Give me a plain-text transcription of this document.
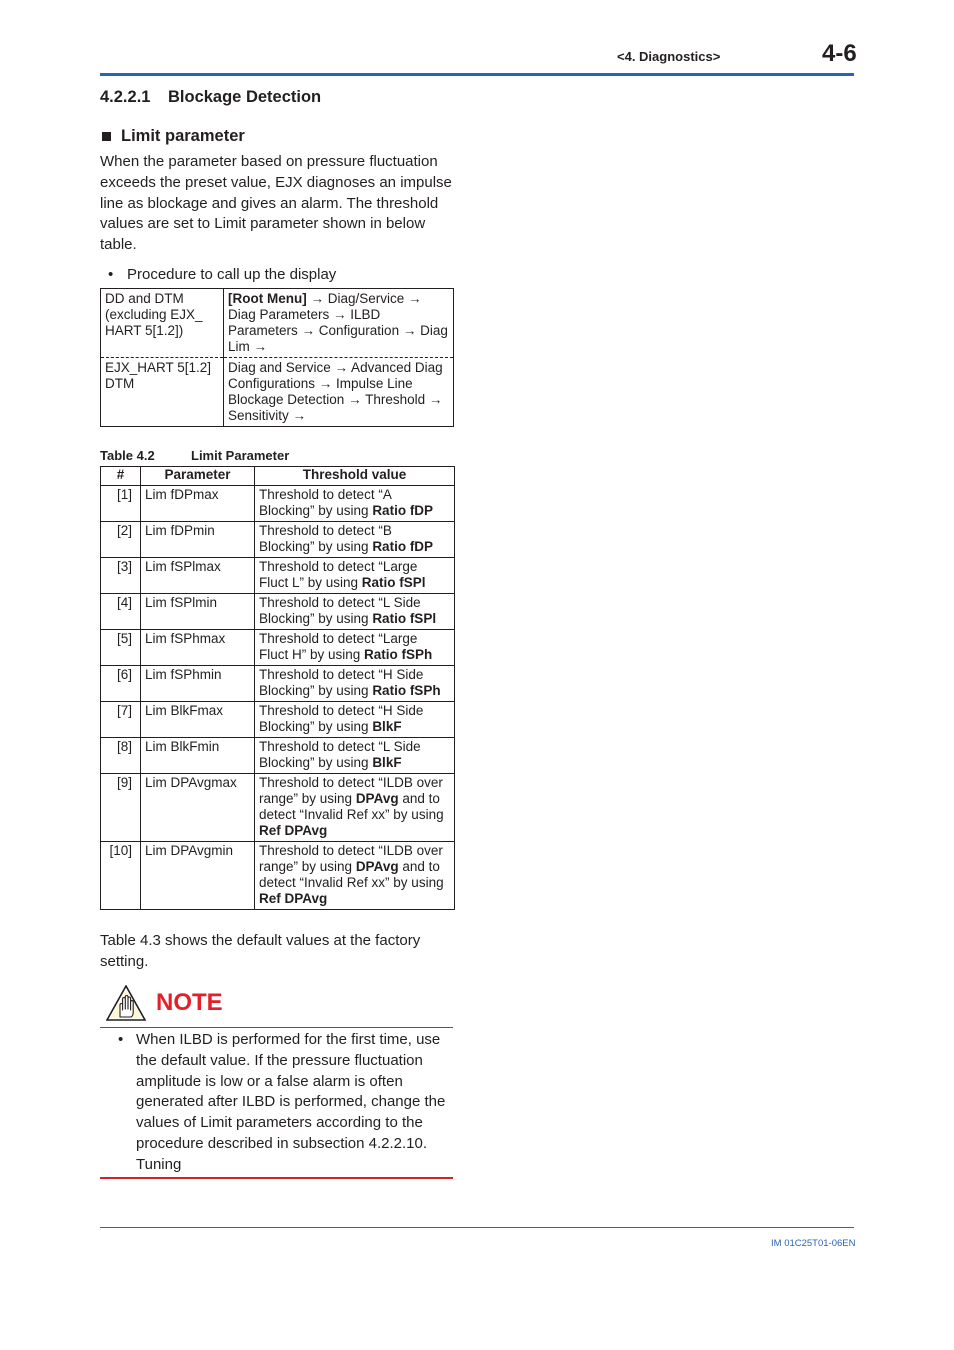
<4. Diagnostics>	4-6
4.2.2.1 Blockage Detection
Limit parameter
When the parameter based on pressure fluctuation exceeds the preset value, EJX diagnoses an impulse line as blockage and gives an alarm. The threshold values are set to Limit parameter shown in below table.
• Procedure to call up the display
DD and DTM (excluding EJX_ HART 5[1.2])	[Root Menu] → Diag/Service → Diag Parameters → ILBD Parameters → Configuration → Diag Lim →
EJX_HART 5[1.2] DTM	Diag and Service → Advanced Diag Configurations → Impulse Line Blockage Detection → Threshold → Sensitivity →
Table 4.2	Limit Parameter
#	Parameter	Threshold value
[1]	Lim fDPmax	Threshold to detect “A Blocking” by using Ratio fDP
[2]	Lim fDPmin	Threshold to detect “B Blocking” by using Ratio fDP
[3]	Lim fSPlmax	Threshold to detect “Large Fluct L” by using Ratio fSPl
[4]	Lim fSPlmin	Threshold to detect “L Side Blocking” by using Ratio fSPl
[5]	Lim fSPhmax	Threshold to detect “Large Fluct H” by using Ratio fSPh
[6]	Lim fSPhmin	Threshold to detect “H Side Blocking” by using Ratio fSPh
[7]	Lim BlkFmax	Threshold to detect “H Side Blocking” by using BlkF
[8]	Lim BlkFmin	Threshold to detect “L Side Blocking” by using BlkF
[9]	Lim DPAvgmax	Threshold to detect “ILDB over range” by using DPAvg and to detect “Invalid Ref xx” by using Ref DPAvg
[10]	Lim DPAvgmin	Threshold to detect “ILDB over range” by using DPAvg and to detect “Invalid Ref xx” by using Ref DPAvg
Table 4.3 shows the default values at the factory setting.
NOTE
• When ILBD is performed for the first time, use the default value. If the pressure fluctuation amplitude is low or a false alarm is often generated after ILBD is performed, change the values of Limit parameters according to the procedure described in subsection 4.2.2.10. Tuning
IM 01C25T01-06EN
